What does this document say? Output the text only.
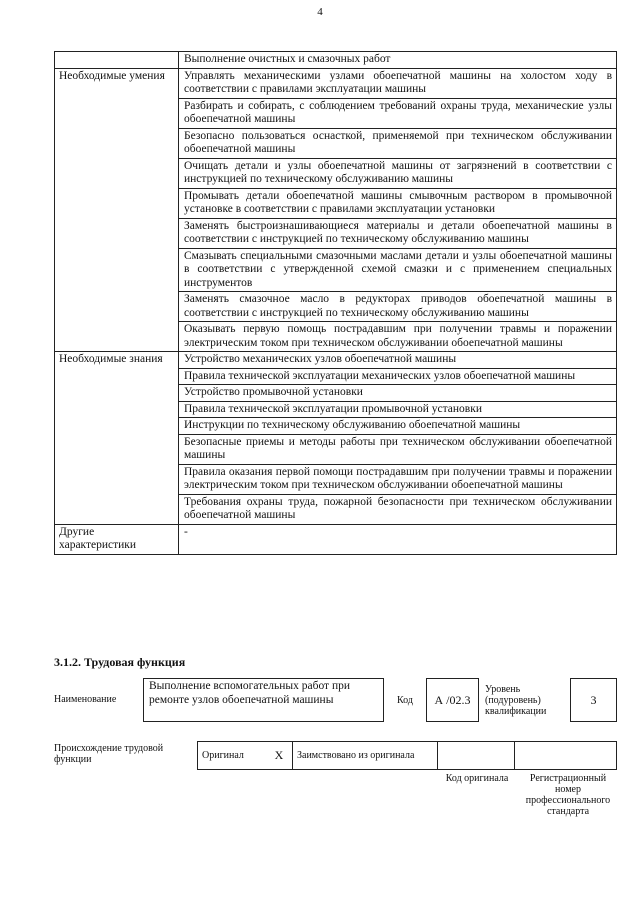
4
	Выполнение очистных и смазочных работ
Необходимые умения	Управлять механическими узлами обоепечатной машины на холостом ходу в соответствии с правилами эксплуатации машины
	Разбирать и собирать, с соблюдением требований охраны труда, механические узлы обоепечатной машины
	Безопасно пользоваться оснасткой, применяемой при техническом обслуживании обоепечатной машины
	Очищать детали и узлы обоепечатной машины от загрязнений в соответствии с инструкцией по техническому обслуживанию машины
	Промывать детали обоепечатной машины смывочным раствором в промывочной установке в соответствии с правилами эксплуатации установки
	Заменять быстроизнашивающиеся материалы и детали обоепечатной машины в соответствии с инструкцией по техническому обслуживанию машины
	Смазывать специальными смазочными маслами детали и узлы обоепечатной машины в соответствии с утвержденной схемой смазки и с применением специальных инструментов
	Заменять смазочное масло в редукторах приводов обоепечатной машины в соответствии с инструкцией по техническому обслуживанию машины
	Оказывать первую помощь пострадавшим при получении травмы и поражении электрическим током при техническом обслуживании обоепечатной машины
Необходимые знания	Устройство механических узлов обоепечатной машины
	Правила технической эксплуатации механических узлов обоепечатной машины
	Устройство промывочной установки
	Правила технической эксплуатации промывочной установки
	Инструкции по техническому обслуживанию обоепечатной машины
	Безопасные приемы и методы работы при техническом обслуживании обоепечатной машины
	Правила оказания первой помощи пострадавшим при получении травмы и поражении электрическим током при техническом обслуживании обоепечатной машины
	Требования охраны труда, пожарной безопасности при техническом обслуживании обоепечатной машины
Другие характеристики	-
3.1.2. Трудовая функция
Наименование
Выполнение вспомогательных работ при ремонте узлов обоепечатной машины	Код	А /02.3
Уровень (подуровень) квалификации
3
Происхождение трудовой функции	Оригинал	X	Заимствовано из оригинала		
Код оригинала	Регистрационный номер профессионального стандарта
